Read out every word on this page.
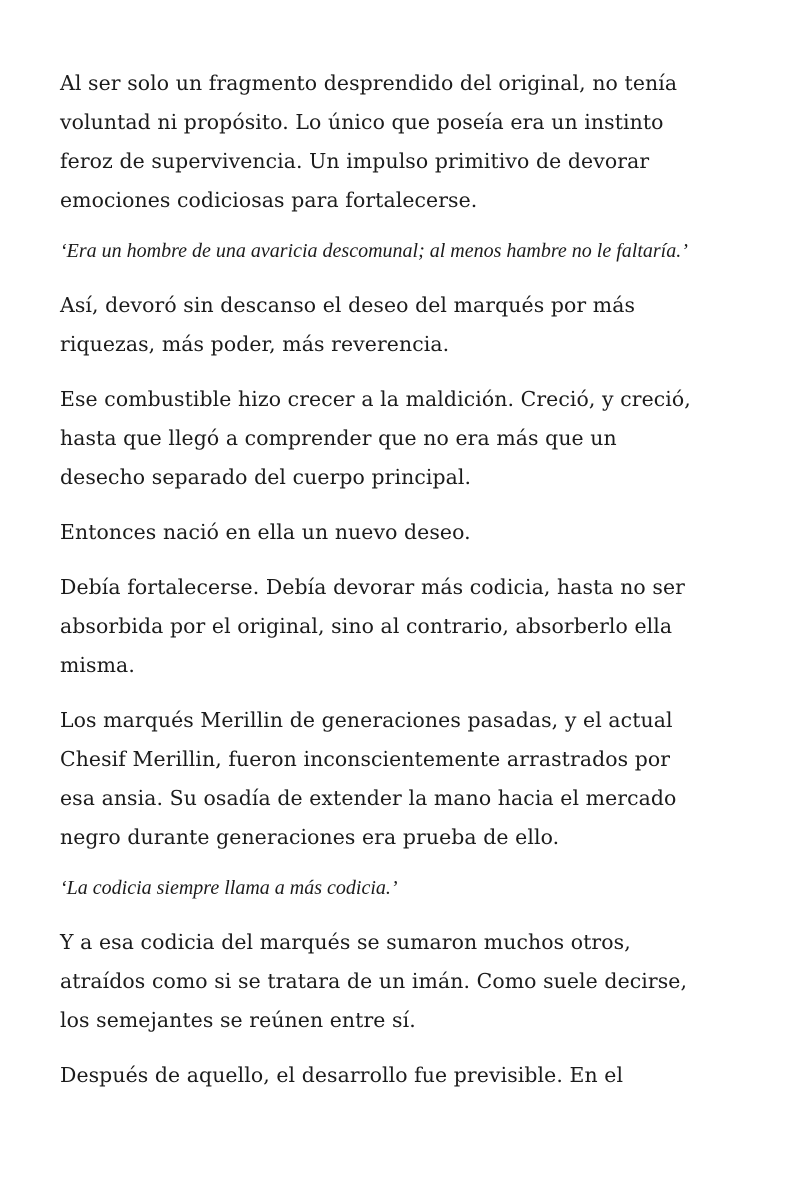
Al ser solo un fragmento desprendido del original, no tenía
voluntad ni propósito. Lo único que poseía era un instinto
feroz de supervivencia. Un impulso primitivo de devorar
emociones codiciosas para fortalecerse.

‘Era un hombre de una avaricia descomunal; al menos hambre no le faltaría.’

Así, devoró sin descanso el deseo del marqués por más
riquezas, más poder, más reverencia.

Ese combustible hizo crecer a la maldición. Creció, y creció,
hasta que llegó a comprender que no era más que un
desecho separado del cuerpo principal.

Entonces nació en ella un nuevo deseo.

Debía fortalecerse. Debía devorar más codicia, hasta no ser
absorbida por el original, sino al contrario, absorberlo ella
misma.

Los marqués Merillin de generaciones pasadas, y el actual
Chesif Merillin, fueron inconscientemente arrastrados por
esa ansia. Su osadía de extender la mano hacia el mercado
negro durante generaciones era prueba de ello.

‘La codicia siempre llama a más codicia.’

Y a esa codicia del marqués se sumaron muchos otros,
atraídos como si se tratara de un imán. Como suele decirse,
los semejantes se reúnen entre sí.

Después de aquello, el desarrollo fue previsible. En el
